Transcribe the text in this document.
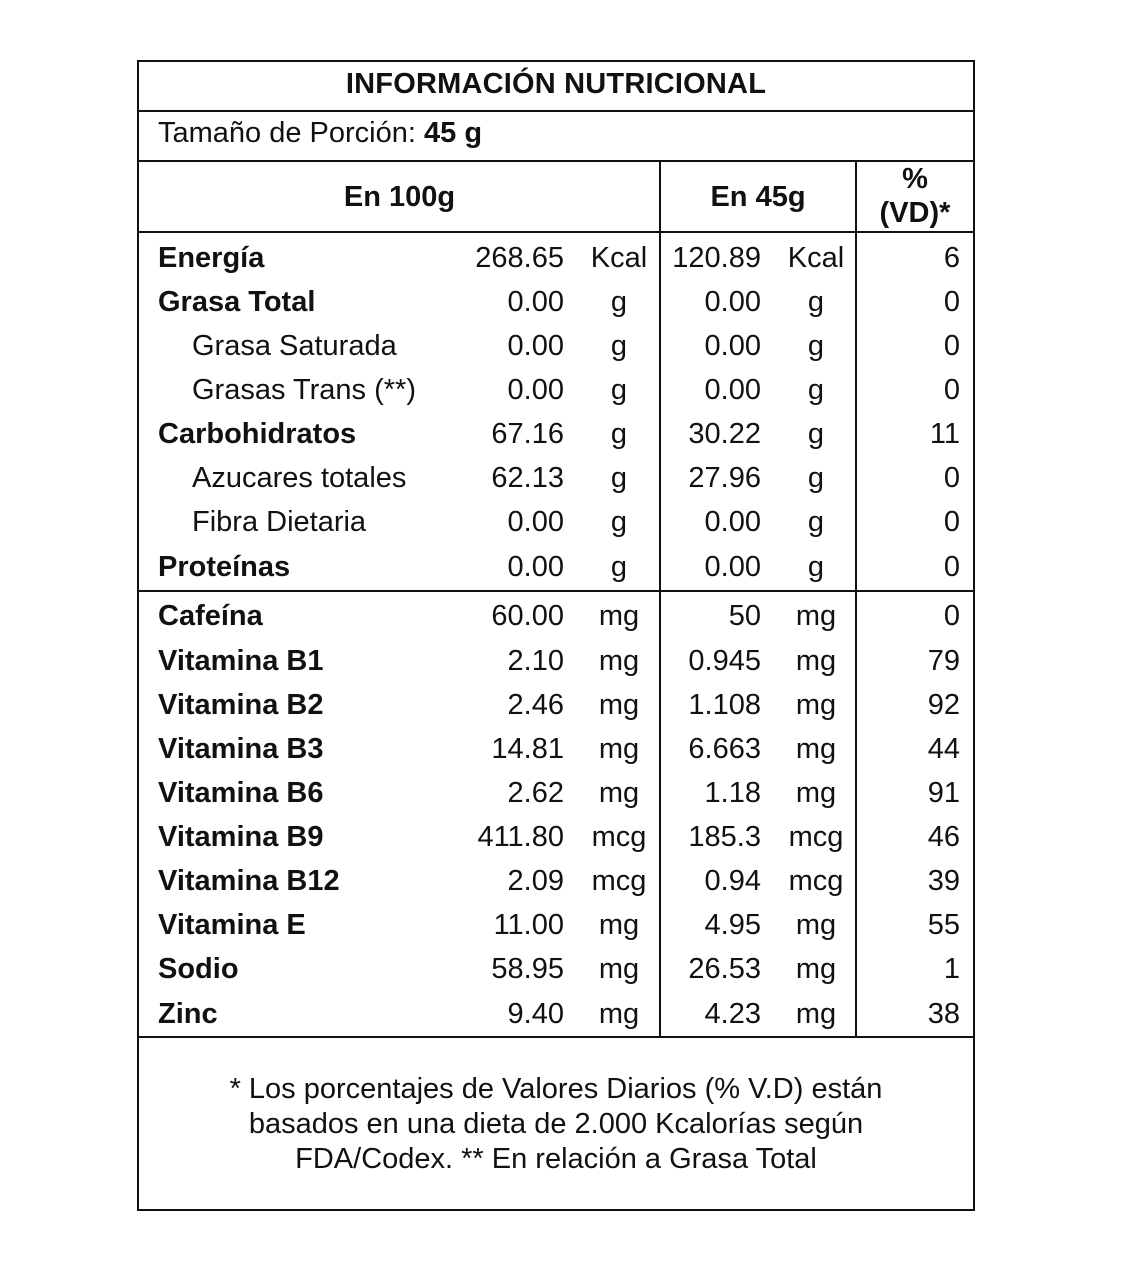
INFORMACIÓN NUTRICIONAL
Tamaño de Porción: 45 g
En 100g	En 45g
%
(VD)*
Energía	268.65 Kcal 120.89 Kcal	6
Grasa Total	0.00	g	0.00	g	0
Grasa Saturada	0.00	g	0.00	g	0
Grasas Trans (**)	0.00	g	0.00	g	0
Carbohidratos	67.16	g	30.22	g	11
Azucares totales	62.13	g	27.96	g	0
Fibra Dietaria	0.00	g	0.00	g	0
Proteínas	0.00	g	0.00	g	0
Cafeína	60.00	mg	50	mg	0
Vitamina B1	2.10	mg	0.945	mg	79
Vitamina B2	2.46	mg	1.108	mg	92
Vitamina B3	14.81	mg	6.663	mg	44
Vitamina B6	2.62	mg	1.18	mg	91
Vitamina B9	411.80 mcg 185.3 mcg	46
Vitamina B12	2.09 mcg 0.94 mcg	39
Vitamina E	11.00	mg	4.95	mg	55
Sodio	58.95	mg	26.53	mg	1
Zinc	9.40	mg	4.23	mg	38
* Los porcentajes de Valores Diarios (% V.D) están
basados en una dieta de 2.000 Kcalorías según
FDA/Codex. ** En relación a Grasa Total
